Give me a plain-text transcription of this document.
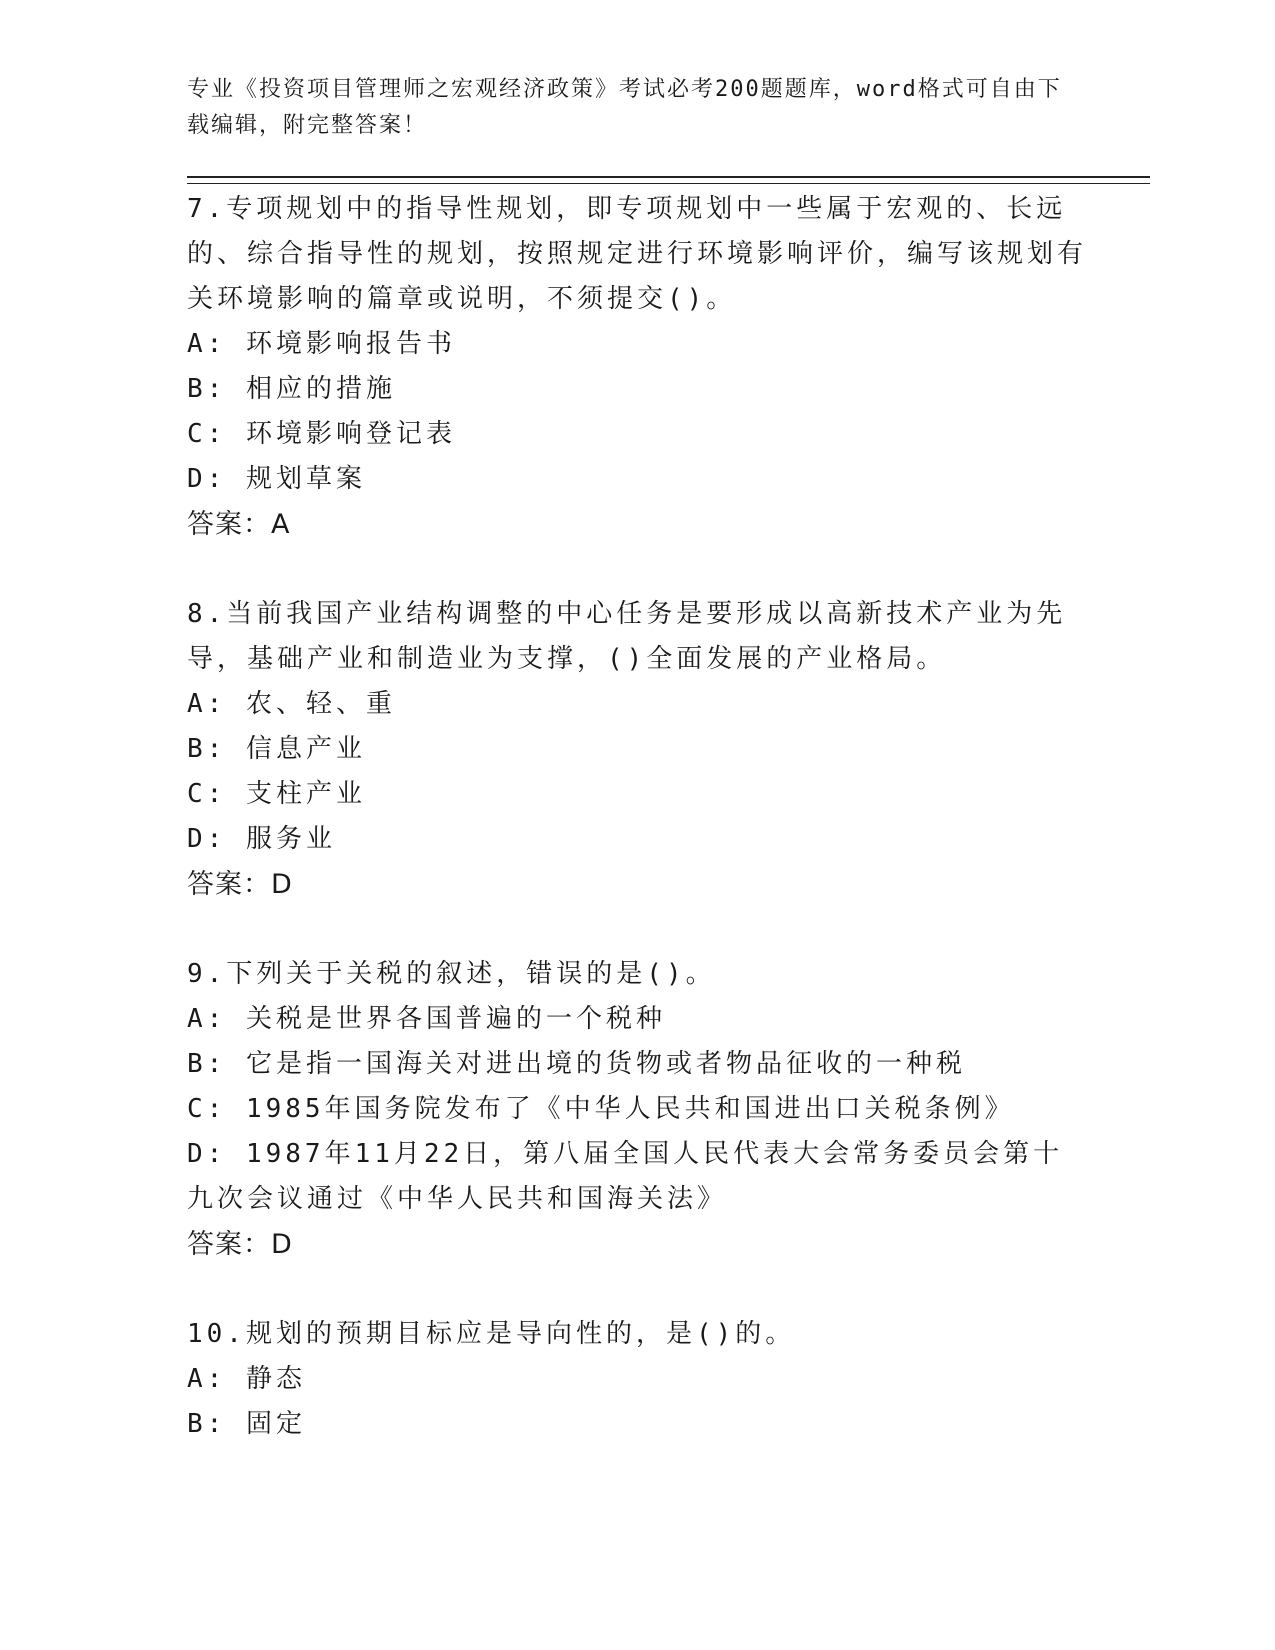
专业《投资项目管理师之宏观经济政策》考试必考200题题库，word格式可自由下载编辑，附完整答案！

7.专项规划中的指导性规划，即专项规划中一些属于宏观的、长远的、综合指导性的规划，按照规定进行环境影响评价，编写该规划有关环境影响的篇章或说明，不须提交()。

A: 环境影响报告书

B: 相应的措施

C: 环境影响登记表

D: 规划草案

答案：A

8.当前我国产业结构调整的中心任务是要形成以高新技术产业为先导，基础产业和制造业为支撑，()全面发展的产业格局。

A: 农、轻、重

B: 信息产业

C: 支柱产业

D: 服务业

答案：D

9.下列关于关税的叙述，错误的是()。

A: 关税是世界各国普遍的一个税种

B: 它是指一国海关对进出境的货物或者物品征收的一种税

C: 1985年国务院发布了《中华人民共和国进出口关税条例》

D: 1987年11月22日，第八届全国人民代表大会常务委员会第十九次会议通过《中华人民共和国海关法》

答案：D

10.规划的预期目标应是导向性的，是()的。

A: 静态

B: 固定
